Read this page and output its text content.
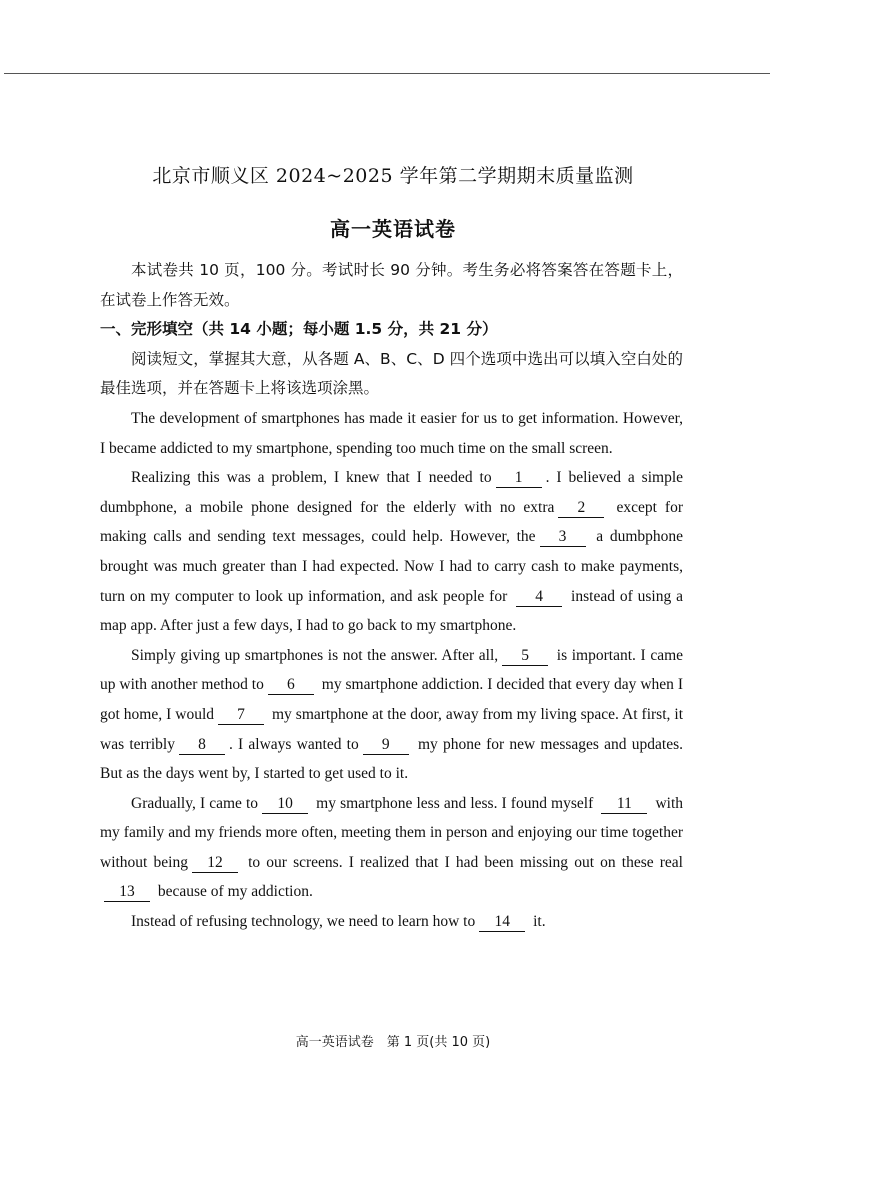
北京市顺义区 2024~2025 学年第二学期期末质量监测
高一英语试卷

本试卷共 10 页，100 分。考试时长 90 分钟。考生务必将答案答在答题卡上，在试卷上作答无效。

一、完形填空（共 14 小题；每小题 1.5 分，共 21 分）

阅读短文，掌握其大意，从各题 A、B、C、D 四个选项中选出可以填入空白处的最佳选项，并在答题卡上将该选项涂黑。

The development of smartphones has made it easier for us to get information. However, I became addicted to my smartphone, spending too much time on the small screen.

Realizing this was a problem, I knew that I needed to 1 . I believed a simple dumbphone, a mobile phone designed for the elderly with no extra 2 except for making calls and sending text messages, could help. However, the 3 a dumbphone brought was much greater than I had expected. Now I had to carry cash to make payments, turn on my computer to look up information, and ask people for 4 instead of using a map app. After just a few days, I had to go back to my smartphone.

Simply giving up smartphones is not the answer. After all, 5 is important. I came up with another method to 6 my smartphone addiction. I decided that every day when I got home, I would 7 my smartphone at the door, away from my living space. At first, it was terribly 8 . I always wanted to 9 my phone for new messages and updates. But as the days went by, I started to get used to it.

Gradually, I came to 10 my smartphone less and less. I found myself 11 with my family and my friends more often, meeting them in person and enjoying our time together without being 12 to our screens. I realized that I had been missing out on these real13 because of my addiction.

Instead of refusing technology, we need to learn how to 14 it.

高一英语试卷　第 1 页(共 10 页)
